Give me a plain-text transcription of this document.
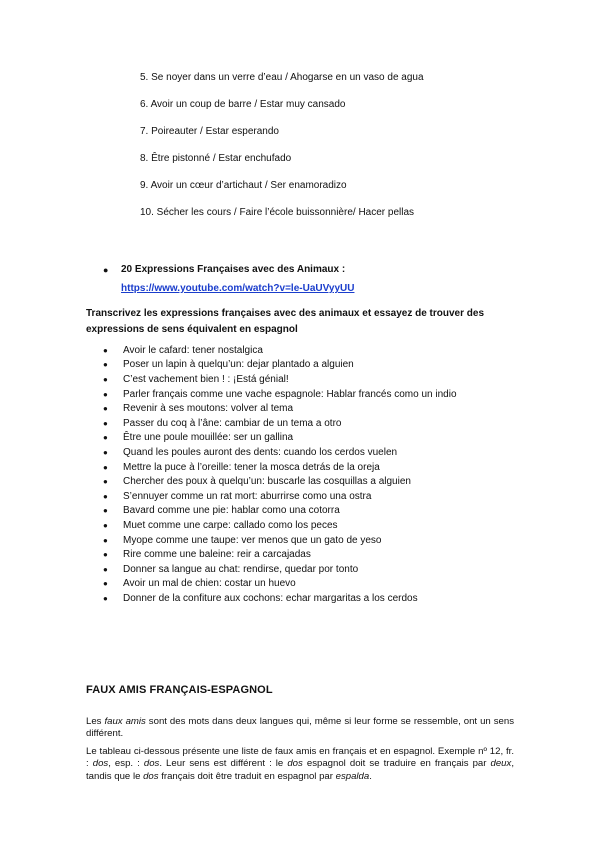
5. Se noyer dans un verre d’eau / Ahogarse en un vaso de agua
6. Avoir un coup de barre / Estar muy cansado
7. Poireauter / Estar esperando
8. Être pistonné / Estar enchufado
9. Avoir un cœur d’artichaut / Ser enamoradizo
10. Sécher les cours / Faire l’école buissonnière/ Hacer pellas
●	20 Expressions Françaises avec des Animaux :
https://www.youtube.com/watch?v=le-UaUVyyUU
Transcrivez les expressions françaises avec des animaux et essayez de trouver des expressions de sens équivalent en espagnol
●	Avoir le cafard: tener nostalgica
●	Poser un lapin à quelqu’un: dejar plantado a alguien
●	C’est vachement bien ! : ¡Está génial!
●	Parler français comme une vache espagnole: Hablar francés como un indio
●	Revenir à ses moutons: volver al tema
●	Passer du coq à l’âne: cambiar de un tema a otro
●	Être une poule mouillée: ser un gallina
●	Quand les poules auront des dents: cuando los cerdos vuelen
●	Mettre la puce à l’oreille: tener la mosca detrás de la oreja
●	Chercher des poux à quelqu’un: buscarle las cosquillas a alguien
●	S’ennuyer comme un rat mort: aburrirse como una ostra
●	Bavard comme une pie: hablar como una cotorra
●	Muet comme une carpe: callado como los peces
●	Myope comme une taupe: ver menos que un gato de yeso
●	Rire comme une baleine: reir a carcajadas
●	Donner sa langue au chat: rendirse, quedar por tonto
●	Avoir un mal de chien: costar un huevo
●	Donner de la confiture aux cochons: echar margaritas a los cerdos
FAUX AMIS FRANÇAIS-ESPAGNOL

Les faux amis sont des mots dans deux langues qui, même si leur forme se ressemble, ont un sens différent.

Le tableau ci-dessous présente une liste de faux amis en français et en espagnol. Exemple nº 12, fr. : dos, esp. : dos. Leur sens est différent : le dos espagnol doit se traduire en français par deux, tandis que le dos français doit être traduit en espagnol par espalda.
